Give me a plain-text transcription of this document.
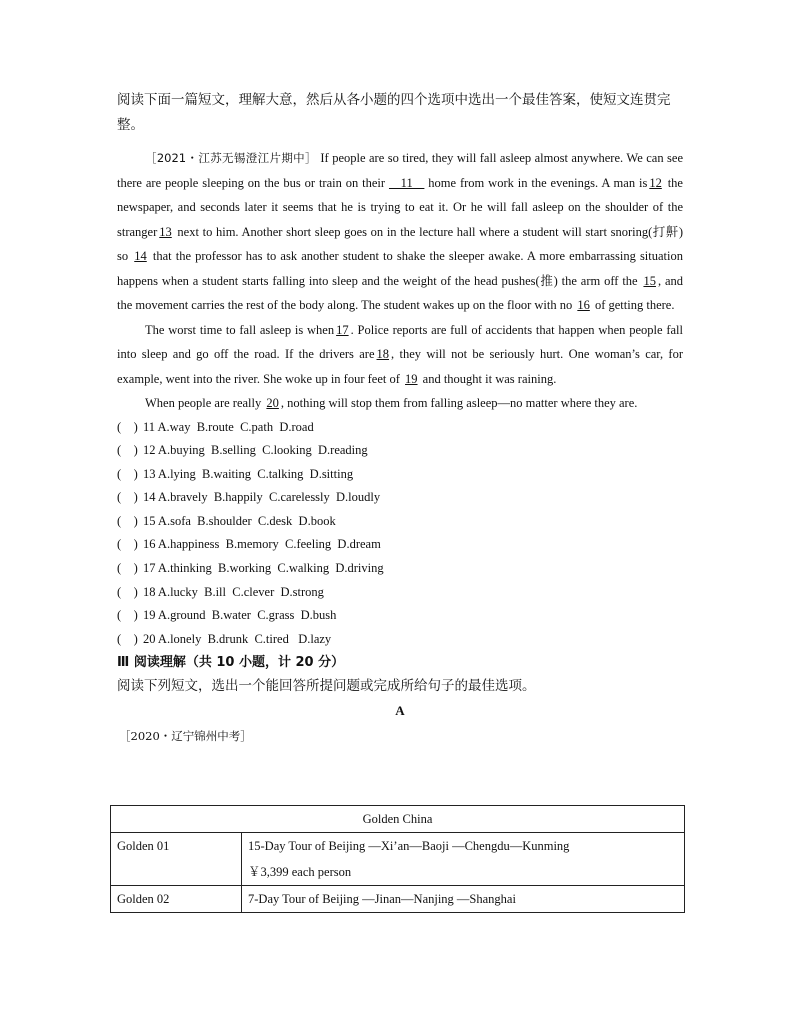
阅读下面一篇短文，理解大意，然后从各小题的四个选项中选出一个最佳答案，使短文连贯完整。

［2021・江苏无锡澄江片期中］ If people are so tired, they will fall asleep almost anywhere. We can see there are people sleeping on the bus or train on their    11    home from work in the evenings. A man is 12 the newspaper, and seconds later it seems that he is trying to eat it. Or he will fall asleep on the shoulder of the stranger 13 next to him. Another short sleep goes on in the lecture hall where a student will start snoring(打鼾) so 14 that the professor has to ask another student to shake the sleeper awake. A more embarrassing situation happens when a student starts falling into sleep and the weight of the head pushes(推) the arm off the 15 , and the movement carries the rest of the body along. The student wakes up on the floor with no 16 of getting there.

The worst time to fall asleep is when 17 . Police reports are full of accidents that happen when people fall into sleep and go off the road. If the drivers are 18 , they will not be seriously hurt. One woman’s car, for example, went into the river. She woke up in four feet of 19 and thought it was raining.

When people are really 20 , nothing will stop them from falling asleep—no matter where they are.

(    ) 11 A.way  B.route  C.path  D.road

(    ) 12 A.buying  B.selling  C.looking  D.reading

(    ) 13 A.lying  B.waiting  C.talking  D.sitting

(    ) 14 A.bravely  B.happily  C.carelessly  D.loudly

(    ) 15 A.sofa  B.shoulder  C.desk  D.book

(    ) 16 A.happiness  B.memory  C.feeling  D.dream

(    ) 17 A.thinking  B.working  C.walking  D.driving

(    ) 18 A.lucky  B.ill  C.clever  D.strong

(    ) 19 A.ground  B.water  C.grass  D.bush

(    ) 20 A.lonely  B.drunk  C.tired   D.lazy

Ⅲ 阅读理解（共 10 小题，计 20 分）

阅读下列短文，选出一个能回答所提问题或完成所给句子的最佳选项。

A

［2020・辽宁锦州中考］

Golden China	
Golden 01	15-Day Tour of Beijing —Xi’an—Baoji —Chengdu—Kunming
￥3,399 each person

Golden 02	7-Day Tour of Beijing —Jinan—Nanjing —Shanghai
